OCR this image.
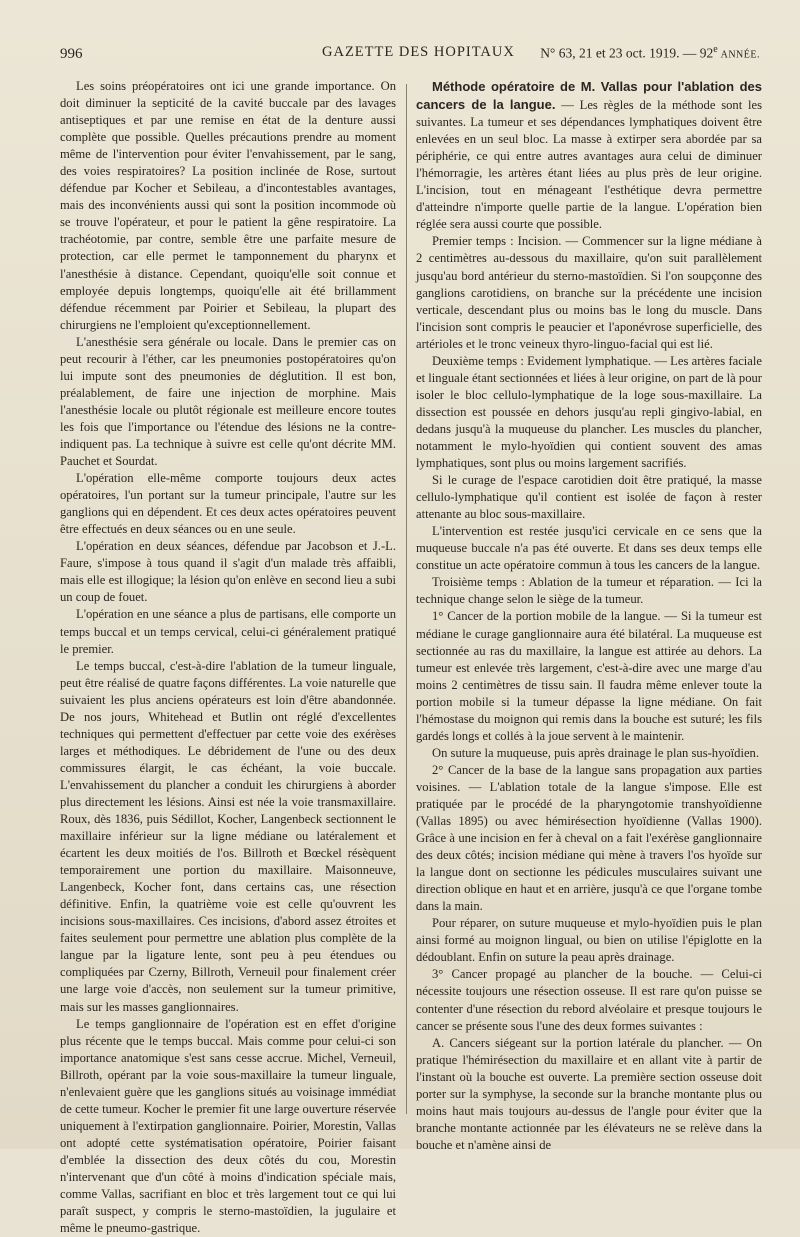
996	GAZETTE DES HOPITAUX N° 63, 21 et 23 oct. 1919. — 92e ANNÉE.

Les soins préopératoires ont ici une grande importance. On doit diminuer la septicité de la cavité buccale par des lavages antiseptiques et par une remise en état de la denture aussi complète que possible. Quelles précautions prendre au moment même de l'intervention pour éviter l'envahissement, par le sang, des voies respiratoires? La position inclinée de Rose, surtout défendue par Kocher et Sebileau, a d'incontestables avantages, mais des inconvénients aussi qui sont la position incommode où se trouve l'opérateur, et pour le patient la gêne respiratoire. La trachéotomie, par contre, semble être une parfaite mesure de protection, car elle permet le tamponnement du pharynx et l'anesthésie à distance. Cependant, quoiqu'elle soit connue et employée depuis longtemps, quoiqu'elle ait été brillamment défendue récemment par Poirier et Sebileau, la plupart des chirurgiens ne l'emploient qu'exceptionnellement.

L'anesthésie sera générale ou locale. Dans le premier cas on peut recourir à l'éther, car les pneumonies postopératoires qu'on lui impute sont des pneumonies de déglutition. Il est bon, préalablement, de faire une injection de morphine. Mais l'anesthésie locale ou plutôt régionale est meilleure encore toutes les fois que l'importance ou l'étendue des lésions ne la contre-indiquent pas. La technique à suivre est celle qu'ont décrite MM. Pauchet et Sourdat.

L'opération elle-même comporte toujours deux actes opératoires, l'un portant sur la tumeur principale, l'autre sur les ganglions qui en dépendent. Et ces deux actes opératoires peuvent être effectués en deux séances ou en une seule.

L'opération en deux séances, défendue par Jacobson et J.-L. Faure, s'impose à tous quand il s'agit d'un malade très affaibli, mais elle est illogique; la lésion qu'on enlève en second lieu a subi un coup de fouet.

L'opération en une séance a plus de partisans, elle comporte un temps buccal et un temps cervical, celui-ci généralement pratiqué le premier.

Le temps buccal, c'est-à-dire l'ablation de la tumeur linguale, peut être réalisé de quatre façons différentes. La voie naturelle que suivaient les plus anciens opérateurs est loin d'être abandonnée. De nos jours, Whitehead et Butlin ont réglé d'excellentes techniques qui permettent d'effectuer par cette voie des exérèses larges et méthodiques. Le débridement de l'une ou des deux commissures élargit, le cas échéant, la voie buccale. L'envahissement du plancher a conduit les chirurgiens à aborder plus directement les lésions. Ainsi est née la voie transmaxillaire. Roux, dès 1836, puis Sédillot, Kocher, Langenbeck sectionnent le maxillaire inférieur sur la ligne médiane ou latéralement et écartent les deux moitiés de l'os. Billroth et Bœckel résèquent temporairement une portion du maxillaire. Maisonneuve, Langenbeck, Kocher font, dans certains cas, une résection définitive. Enfin, la quatrième voie est celle qu'ouvrent les incisions sous-maxillaires. Ces incisions, d'abord assez étroites et faites seulement pour permettre une ablation plus complète de la langue par la ligature lente, sont peu à peu étendues ou compliquées par Czerny, Billroth, Verneuil pour finalement créer une large voie d'accès, non seulement sur la tumeur primitive, mais sur les masses ganglionnaires.

Le temps ganglionnaire de l'opération est en effet d'origine plus récente que le temps buccal. Mais comme pour celui-ci son importance anatomique s'est sans cesse accrue. Michel, Verneuil, Billroth, opérant par la voie sous-maxillaire la tumeur linguale, n'enlevaient guère que les ganglions situés au voisinage immédiat de cette tumeur. Kocher le premier fit une large ouverture réservée uniquement à l'extirpation ganglionnaire. Poirier, Morestin, Vallas ont adopté cette systématisation opératoire, Poirier faisant d'emblée la dissection des deux côtés du cou, Morestin n'intervenant que d'un côté à moins d'indication spéciale mais, comme Vallas, sacrifiant en bloc et très largement tout ce qui lui paraît suspect, y compris le sterno-mastoïdien, la jugulaire et même le pneumo-gastrique.

Méthode opératoire de M. Vallas pour l'ablation des cancers de la langue. — Les règles de la méthode sont les suivantes. La tumeur et ses dépendances lymphatiques doivent être enlevées en un seul bloc. La masse à extirper sera abordée par sa périphérie, ce qui entre autres avantages aura celui de diminuer l'hémorragie, les artères étant liées au plus près de leur origine. L'incision, tout en ménageant l'esthétique devra permettre d'atteindre n'importe quelle partie de la langue. L'opération bien réglée sera aussi courte que possible.

Premier temps : Incision. — Commencer sur la ligne médiane à 2 centimètres au-dessous du maxillaire, qu'on suit parallèlement jusqu'au bord antérieur du sterno-mastoïdien. Si l'on soupçonne des ganglions carotidiens, on branche sur la précédente une incision verticale, descendant plus ou moins bas le long du muscle. Dans l'incision sont compris le peaucier et l'aponévrose superficielle, des artérioles et le tronc veineux thyro-linguo-facial qui est lié.

Deuxième temps : Evidement lymphatique. — Les artères faciale et linguale étant sectionnées et liées à leur origine, on part de là pour isoler le bloc cellulo-lymphatique de la loge sous-maxillaire. La dissection est poussée en dehors jusqu'au repli gingivo-labial, en dedans jusqu'à la muqueuse du plancher. Les muscles du plancher, notamment le mylo-hyoïdien qui contient souvent des amas lymphatiques, sont plus ou moins largement sacrifiés.

Si le curage de l'espace carotidien doit être pratiqué, la masse cellulo-lymphatique qu'il contient est isolée de façon à rester attenante au bloc sous-maxillaire.

L'intervention est restée jusqu'ici cervicale en ce sens que la muqueuse buccale n'a pas été ouverte. Et dans ses deux temps elle constitue un acte opératoire commun à tous les cancers de la langue.

Troisième temps : Ablation de la tumeur et réparation. — Ici la technique change selon le siège de la tumeur.

1° Cancer de la portion mobile de la langue. — Si la tumeur est médiane le curage ganglionnaire aura été bilatéral. La muqueuse est sectionnée au ras du maxillaire, la langue est attirée au dehors. La tumeur est enlevée très largement, c'est-à-dire avec une marge d'au moins 2 centimètres de tissu sain. Il faudra même enlever toute la portion mobile si la tumeur dépasse la ligne médiane. On fait l'hémostase du moignon qui remis dans la bouche est suturé; les fils gardés longs et collés à la joue servent à le maintenir.

On suture la muqueuse, puis après drainage le plan sus-hyoïdien.

2° Cancer de la base de la langue sans propagation aux parties voisines. — L'ablation totale de la langue s'impose. Elle est pratiquée par le procédé de la pharyngotomie transhyoïdienne (Vallas 1895) ou avec hémirésection hyoïdienne (Vallas 1900). Grâce à une incision en fer à cheval on a fait l'exérèse ganglionnaire des deux côtés; incision médiane qui mène à travers l'os hyoïde sur la langue dont on sectionne les pédicules musculaires suivant une direction oblique en haut et en arrière, jusqu'à ce que l'organe tombe dans la main.

Pour réparer, on suture muqueuse et mylo-hyoïdien puis le plan ainsi formé au moignon lingual, ou bien on utilise l'épiglotte en la dédoublant. Enfin on suture la peau après drainage.

3° Cancer propagé au plancher de la bouche. — Celui-ci nécessite toujours une résection osseuse. Il est rare qu'on puisse se contenter d'une résection du rebord alvéolaire et presque toujours le cancer se présente sous l'une des deux formes suivantes :

A. Cancers siégeant sur la portion latérale du plancher. — On pratique l'hémirésection du maxillaire et en allant vite à partir de l'instant où la bouche est ouverte. La première section osseuse doit porter sur la symphyse, la seconde sur la branche montante plus ou moins haut mais toujours au-dessus de l'angle pour éviter que la branche montante actionnée par les élévateurs ne se relève dans la bouche et n'amène ainsi de
